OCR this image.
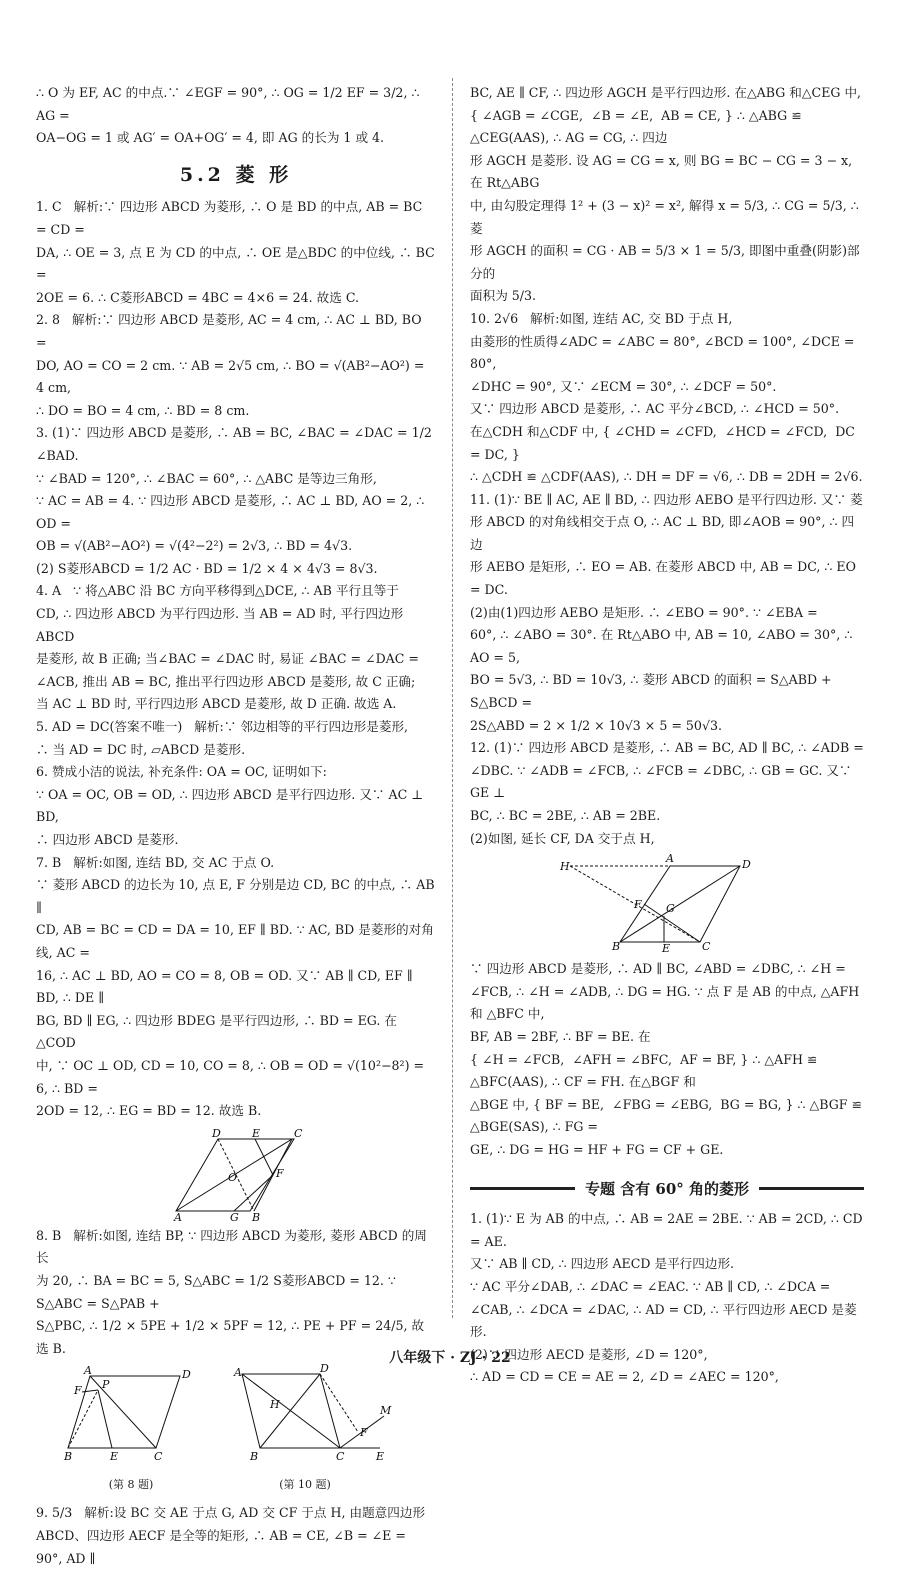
∴ O 为 EF, AC 的中点.∵ ∠EGF = 90°, ∴ OG = 1/2 EF = 3/2, ∴ AG =

OA−OG = 1 或 AG′ = OA+OG′ = 4, 即 AG 的长为 1 或 4.

5.2 菱 形

1. C   解析:∵ 四边形 ABCD 为菱形, ∴ O 是 BD 的中点, AB = BC = CD =

DA, ∴ OE = 3, 点 E 为 CD 的中点, ∴ OE 是△BDC 的中位线, ∴ BC =

2OE = 6. ∴ C菱形ABCD = 4BC = 4×6 = 24. 故选 C.

2. 8   解析:∵ 四边形 ABCD 是菱形, AC = 4 cm, ∴ AC ⊥ BD, BO =

DO, AO = CO = 2 cm. ∵ AB = 2√5 cm, ∴ BO = √(AB²−AO²) = 4 cm,

∴ DO = BO = 4 cm, ∴ BD = 8 cm.

3. (1)∵ 四边形 ABCD 是菱形, ∴ AB = BC, ∠BAC = ∠DAC = 1/2 ∠BAD.

∵ ∠BAD = 120°, ∴ ∠BAC = 60°, ∴ △ABC 是等边三角形,

∵ AC = AB = 4. ∵ 四边形 ABCD 是菱形, ∴ AC ⊥ BD, AO = 2, ∴ OD =

OB = √(AB²−AO²) = √(4²−2²) = 2√3, ∴ BD = 4√3.

(2) S菱形ABCD = 1/2 AC · BD = 1/2 × 4 × 4√3 = 8√3.

4. A   ∵ 将△ABC 沿 BC 方向平移得到△DCE, ∴ AB 平行且等于

CD, ∴ 四边形 ABCD 为平行四边形. 当 AB = AD 时, 平行四边形 ABCD

是菱形, 故 B 正确; 当∠BAC = ∠DAC 时, 易证 ∠BAC = ∠DAC =

∠ACB, 推出 AB = BC, 推出平行四边形 ABCD 是菱形, 故 C 正确;

当 AC ⊥ BD 时, 平行四边形 ABCD 是菱形, 故 D 正确. 故选 A.

5. AD = DC(答案不唯一)   解析:∵ 邻边相等的平行四边形是菱形,

∴ 当 AD = DC 时, ▱ABCD 是菱形.

6. 赞成小洁的说法, 补充条件: OA = OC, 证明如下:

∵ OA = OC, OB = OD, ∴ 四边形 ABCD 是平行四边形. 又∵ AC ⊥ BD,

∴ 四边形 ABCD 是菱形.

7. B   解析:如图, 连结 BD, 交 AC 于点 O.

∵ 菱形 ABCD 的边长为 10, 点 E, F 分别是边 CD, BC 的中点, ∴ AB ∥

CD, AB = BC = CD = DA = 10, EF ∥ BD. ∵ AC, BD 是菱形的对角线, AC =

16, ∴ AC ⊥ BD, AO = CO = 8, OB = OD. 又∵ AB ∥ CD, EF ∥ BD, ∴ DE ∥

BG, BD ∥ EG, ∴ 四边形 BDEG 是平行四边形, ∴ BD = EG. 在△COD

中, ∵ OC ⊥ OD, CD = 10, CO = 8, ∴ OB = OD = √(10²−8²) = 6, ∴ BD =

2OD = 12, ∴ EG = BD = 12. 故选 B.

D	E	C
F
O
A	G B

8. B   解析:如图, 连结 BP, ∵ 四边形 ABCD 为菱形, 菱形 ABCD 的周长

为 20, ∴ BA = BC = 5, S△ABC = 1/2 S菱形ABCD = 12. ∵ S△ABC = S△PAB +

S△PBC, ∴ 1/2 × 5PE + 1/2 × 5PF = 12, ∴ PE + PF = 24/5, 故选 B.

A	D
F P
B	E	C
(第 8 题)
A	D
H
F
M
B	C	E
(第 10 题)

9. 5/3   解析:设 BC 交 AE 于点 G, AD 交 CF 于点 H, 由题意四边形

ABCD、四边形 AECF 是全等的矩形, ∴ AB = CE, ∠B = ∠E = 90°, AD ∥

BC, AE ∥ CF, ∴ 四边形 AGCH 是平行四边形. 在△ABG 和△CEG 中,

{ ∠AGB = ∠CGE,  ∠B = ∠E,  AB = CE, } ∴ △ABG ≌ △CEG(AAS), ∴ AG = CG, ∴ 四边

形 AGCH 是菱形. 设 AG = CG = x, 则 BG = BC − CG = 3 − x, 在 Rt△ABG

中, 由勾股定理得 1² + (3 − x)² = x², 解得 x = 5/3, ∴ CG = 5/3, ∴ 菱

形 AGCH 的面积 = CG · AB = 5/3 × 1 = 5/3, 即图中重叠(阴影)部分的

面积为 5/3.

10. 2√6   解析:如图, 连结 AC, 交 BD 于点 H,

由菱形的性质得∠ADC = ∠ABC = 80°, ∠BCD = 100°, ∠DCE = 80°,

∠DHC = 90°, 又∵ ∠ECM = 30°, ∴ ∠DCF = 50°.

又∵ 四边形 ABCD 是菱形, ∴ AC 平分∠BCD, ∴ ∠HCD = 50°.

在△CDH 和△CDF 中, { ∠CHD = ∠CFD,  ∠HCD = ∠FCD,  DC = DC, }

∴ △CDH ≌ △CDF(AAS), ∴ DH = DF = √6, ∴ DB = 2DH = 2√6.

11. (1)∵ BE ∥ AC, AE ∥ BD, ∴ 四边形 AEBO 是平行四边形. 又∵ 菱

形 ABCD 的对角线相交于点 O, ∴ AC ⊥ BD, 即∠AOB = 90°, ∴ 四边

形 AEBO 是矩形, ∴ EO = AB. 在菱形 ABCD 中, AB = DC, ∴ EO = DC.

(2)由(1)四边形 AEBO 是矩形. ∴ ∠EBO = 90°. ∵ ∠EBA =

60°, ∴ ∠ABO = 30°. 在 Rt△ABO 中, AB = 10, ∠ABO = 30°, ∴ AO = 5,

BO = 5√3, ∴ BD = 10√3, ∴ 菱形 ABCD 的面积 = S△ABD + S△BCD =

2S△ABD = 2 × 1/2 × 10√3 × 5 = 50√3.

12. (1)∵ 四边形 ABCD 是菱形, ∴ AB = BC, AD ∥ BC, ∴ ∠ADB =

∠DBC. ∵ ∠ADB = ∠FCB, ∴ ∠FCB = ∠DBC, ∴ GB = GC. 又∵ GE ⊥

BC, ∴ BC = 2BE, ∴ AB = 2BE.

(2)如图, 延长 CF, DA 交于点 H,

H
A	D
F G
B	E	C

∵ 四边形 ABCD 是菱形, ∴ AD ∥ BC, ∠ABD = ∠DBC, ∴ ∠H =

∠FCB, ∴ ∠H = ∠ADB, ∴ DG = HG. ∵ 点 F 是 AB 的中点, △AFH 和 △BFC 中,

BF, AB = 2BF, ∴ BF = BE. 在

{ ∠H = ∠FCB,  ∠AFH = ∠BFC,  AF = BF, } ∴ △AFH ≌ △BFC(AAS), ∴ CF = FH. 在△BGF 和

△BGE 中, { BF = BE,  ∠FBG = ∠EBG,  BG = BG, } ∴ △BGF ≌ △BGE(SAS), ∴ FG =

GE, ∴ DG = HG = HF + FG = CF + GE.

专题 含有 60° 角的菱形

1. (1)∵ E 为 AB 的中点, ∴ AB = 2AE = 2BE. ∵ AB = 2CD, ∴ CD = AE.

又∵ AB ∥ CD, ∴ 四边形 AECD 是平行四边形.

∵ AC 平分∠DAB, ∴ ∠DAC = ∠EAC. ∵ AB ∥ CD, ∴ ∠DCA =

∠CAB, ∴ ∠DCA = ∠DAC, ∴ AD = CD, ∴ 平行四边形 AECD 是菱形.

(2)∵ 四边形 AECD 是菱形, ∠D = 120°,

∴ AD = CD = CE = AE = 2, ∠D = ∠AEC = 120°,

八年级下 · ZJ · 22
